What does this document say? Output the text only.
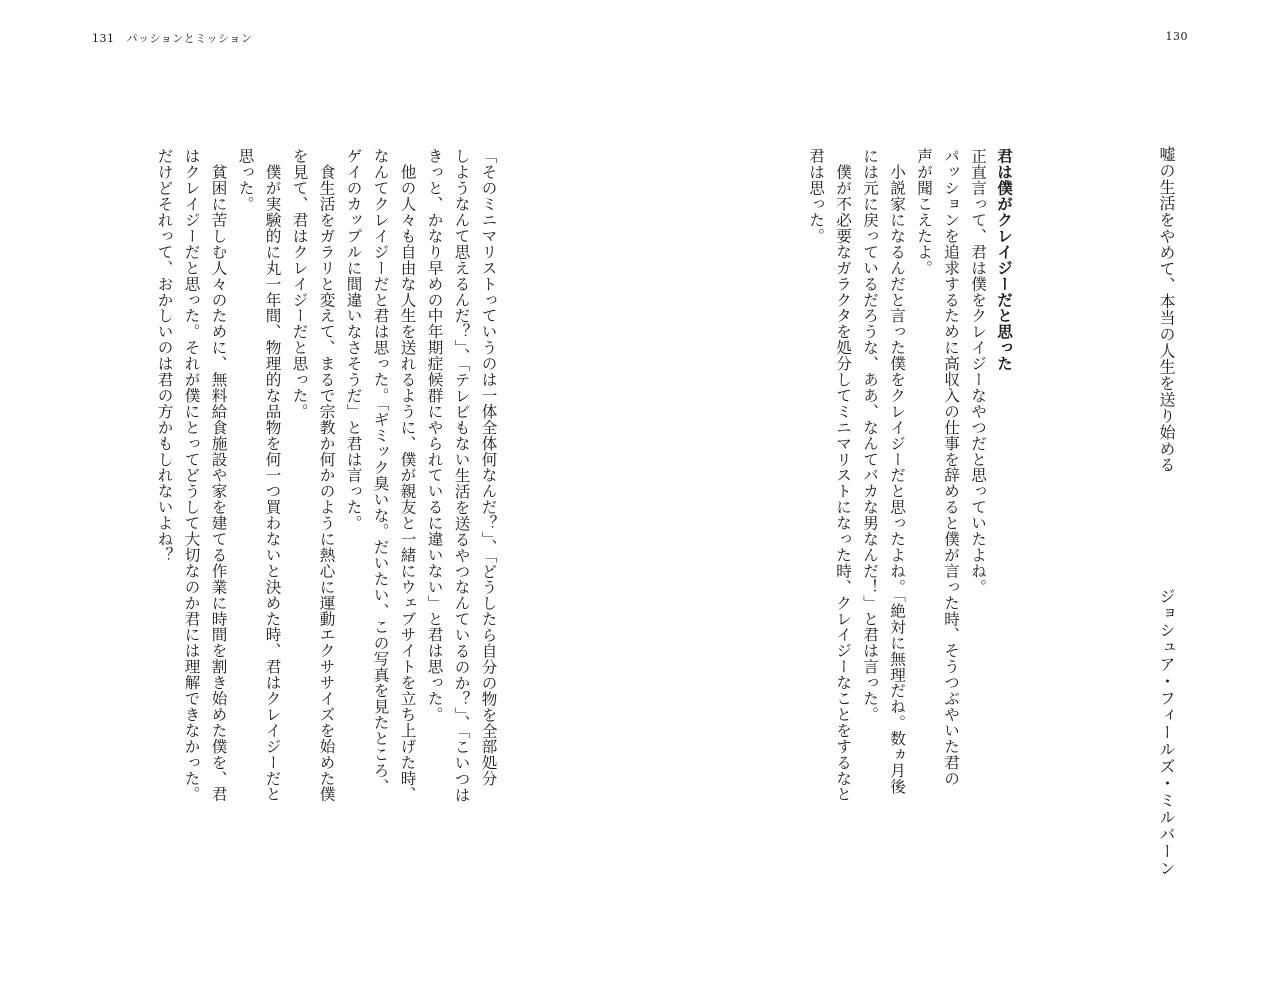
131 パッションとミッション	130
嘘の生活をやめて、本当の人生を送り始める
ジョシュア・フィールズ・ミルバーン
君は僕がクレイジーだと思った
正直言って、君は僕をクレイジーなやつだと思っていたよね。
パッションを追求するために高収入の仕事を辞めると僕が言った時、そうつぶやいた君の
声が聞こえたよ。
　小説家になるんだと言った僕をクレイジーだと思ったよね。「絶対に無理だね。数ヵ月後
には元に戻っているだろうな、ああ、なんてバカな男なんだ！」と君は言った。
　僕が不必要なガラクタを処分してミニマリストになった時、クレイジーなことをするなと
君は思った。
「そのミニマリストっていうのは一体全体何なんだ？」、「どうしたら自分の物を全部処分
しようなんて思えるんだ？」、「テレビもない生活を送るやつなんているのか？」、「こいつは
きっと、かなり早めの中年期症候群にやられているに違いない」と君は思った。
　他の人々も自由な人生を送れるように、僕が親友と一緒にウェブサイトを立ち上げた時、
なんてクレイジーだと君は思った。「ギミック臭いな。だいたい、この写真を見たところ、
ゲイのカップルに間違いなさそうだ」と君は言った。
　食生活をガラリと変えて、まるで宗教か何かのように熱心に運動エクササイズを始めた僕
を見て、君はクレイジーだと思った。
　僕が実験的に丸一年間、物理的な品物を何一つ買わないと決めた時、君はクレイジーだと
思った。
　貧困に苦しむ人々のために、無料給食施設や家を建てる作業に時間を割き始めた僕を、君
はクレイジーだと思った。それが僕にとってどうして大切なのか君には理解できなかった。
だけどそれって、おかしいのは君の方かもしれないよね？
